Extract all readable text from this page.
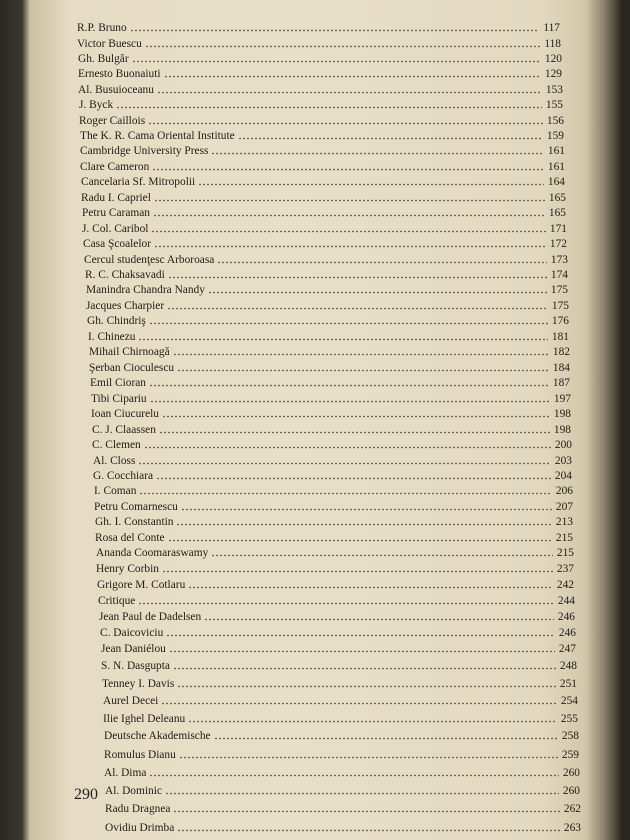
R.P. Bruno	117
Victor Buescu	118
Gh. Bulgăr	120
Ernesto Buonaiuti	129
Al. Busuioceanu	153
J. Byck	155
Roger Caillois	156
The K. R. Cama Oriental Institute	159
Cambridge University Press	161
Clare Cameron	161
Cancelaria Sf. Mitropolii	164
Radu I. Capriel	165
Petru Caraman	165
J. Col. Caribol	171
Casa Şcoalelor	172
Cercul studenţesc Arboroasa	173
R. C. Chaksavadi	174
Manindra Chandra Nandy	175
Jacques Charpier	175
Gh. Chindriş	176
I. Chinezu	181
Mihail Chirnoagă	182
Şerban Cioculescu	184
Emil Cioran	187
Tibi Cipariu	197
Ioan Ciucurelu	198
C. J. Claassen	198
C. Clemen	200
Al. Closs	203
G. Cocchiara	204
I. Coman	206
Petru Comarnescu	207
Gh. I. Constantin	213
Rosa del Conte	215
Ananda Coomaraswamy	215
Henry Corbin	237
Grigore M. Cotlaru	242
Critique	244
Jean Paul de Dadelsen	246
C. Daicoviciu	246
Jean Daniélou	247
S. N. Dasgupta	248
Tenney I. Davis	251
Aurel Decei	254
Ilie Ighel Deleanu	255
Deutsche Akademische	258
Romulus Dianu	259
Al. Dima	260
Al. Dominic	260
Radu Dragnea	262
Ovidiu Drimba	263
290
